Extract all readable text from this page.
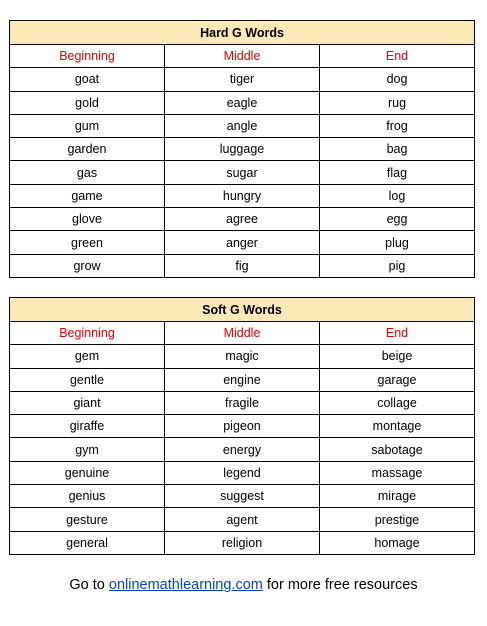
Hard G Words		
Beginning	Middle	End
goat	tiger	dog
gold	eagle	rug
gum	angle	frog
garden	luggage	bag
gas	sugar	flag
game	hungry	log
glove	agree	egg
green	anger	plug
grow	fig	pig
Soft G Words		
Beginning	Middle	End
gem	magic	beige
gentle	engine	garage
giant	fragile	collage
giraffe	pigeon	montage
gym	energy	sabotage
genuine	legend	massage
genius	suggest	mirage
gesture	agent	prestige
general	religion	homage
Go to onlinemathlearning.com for more free resources
